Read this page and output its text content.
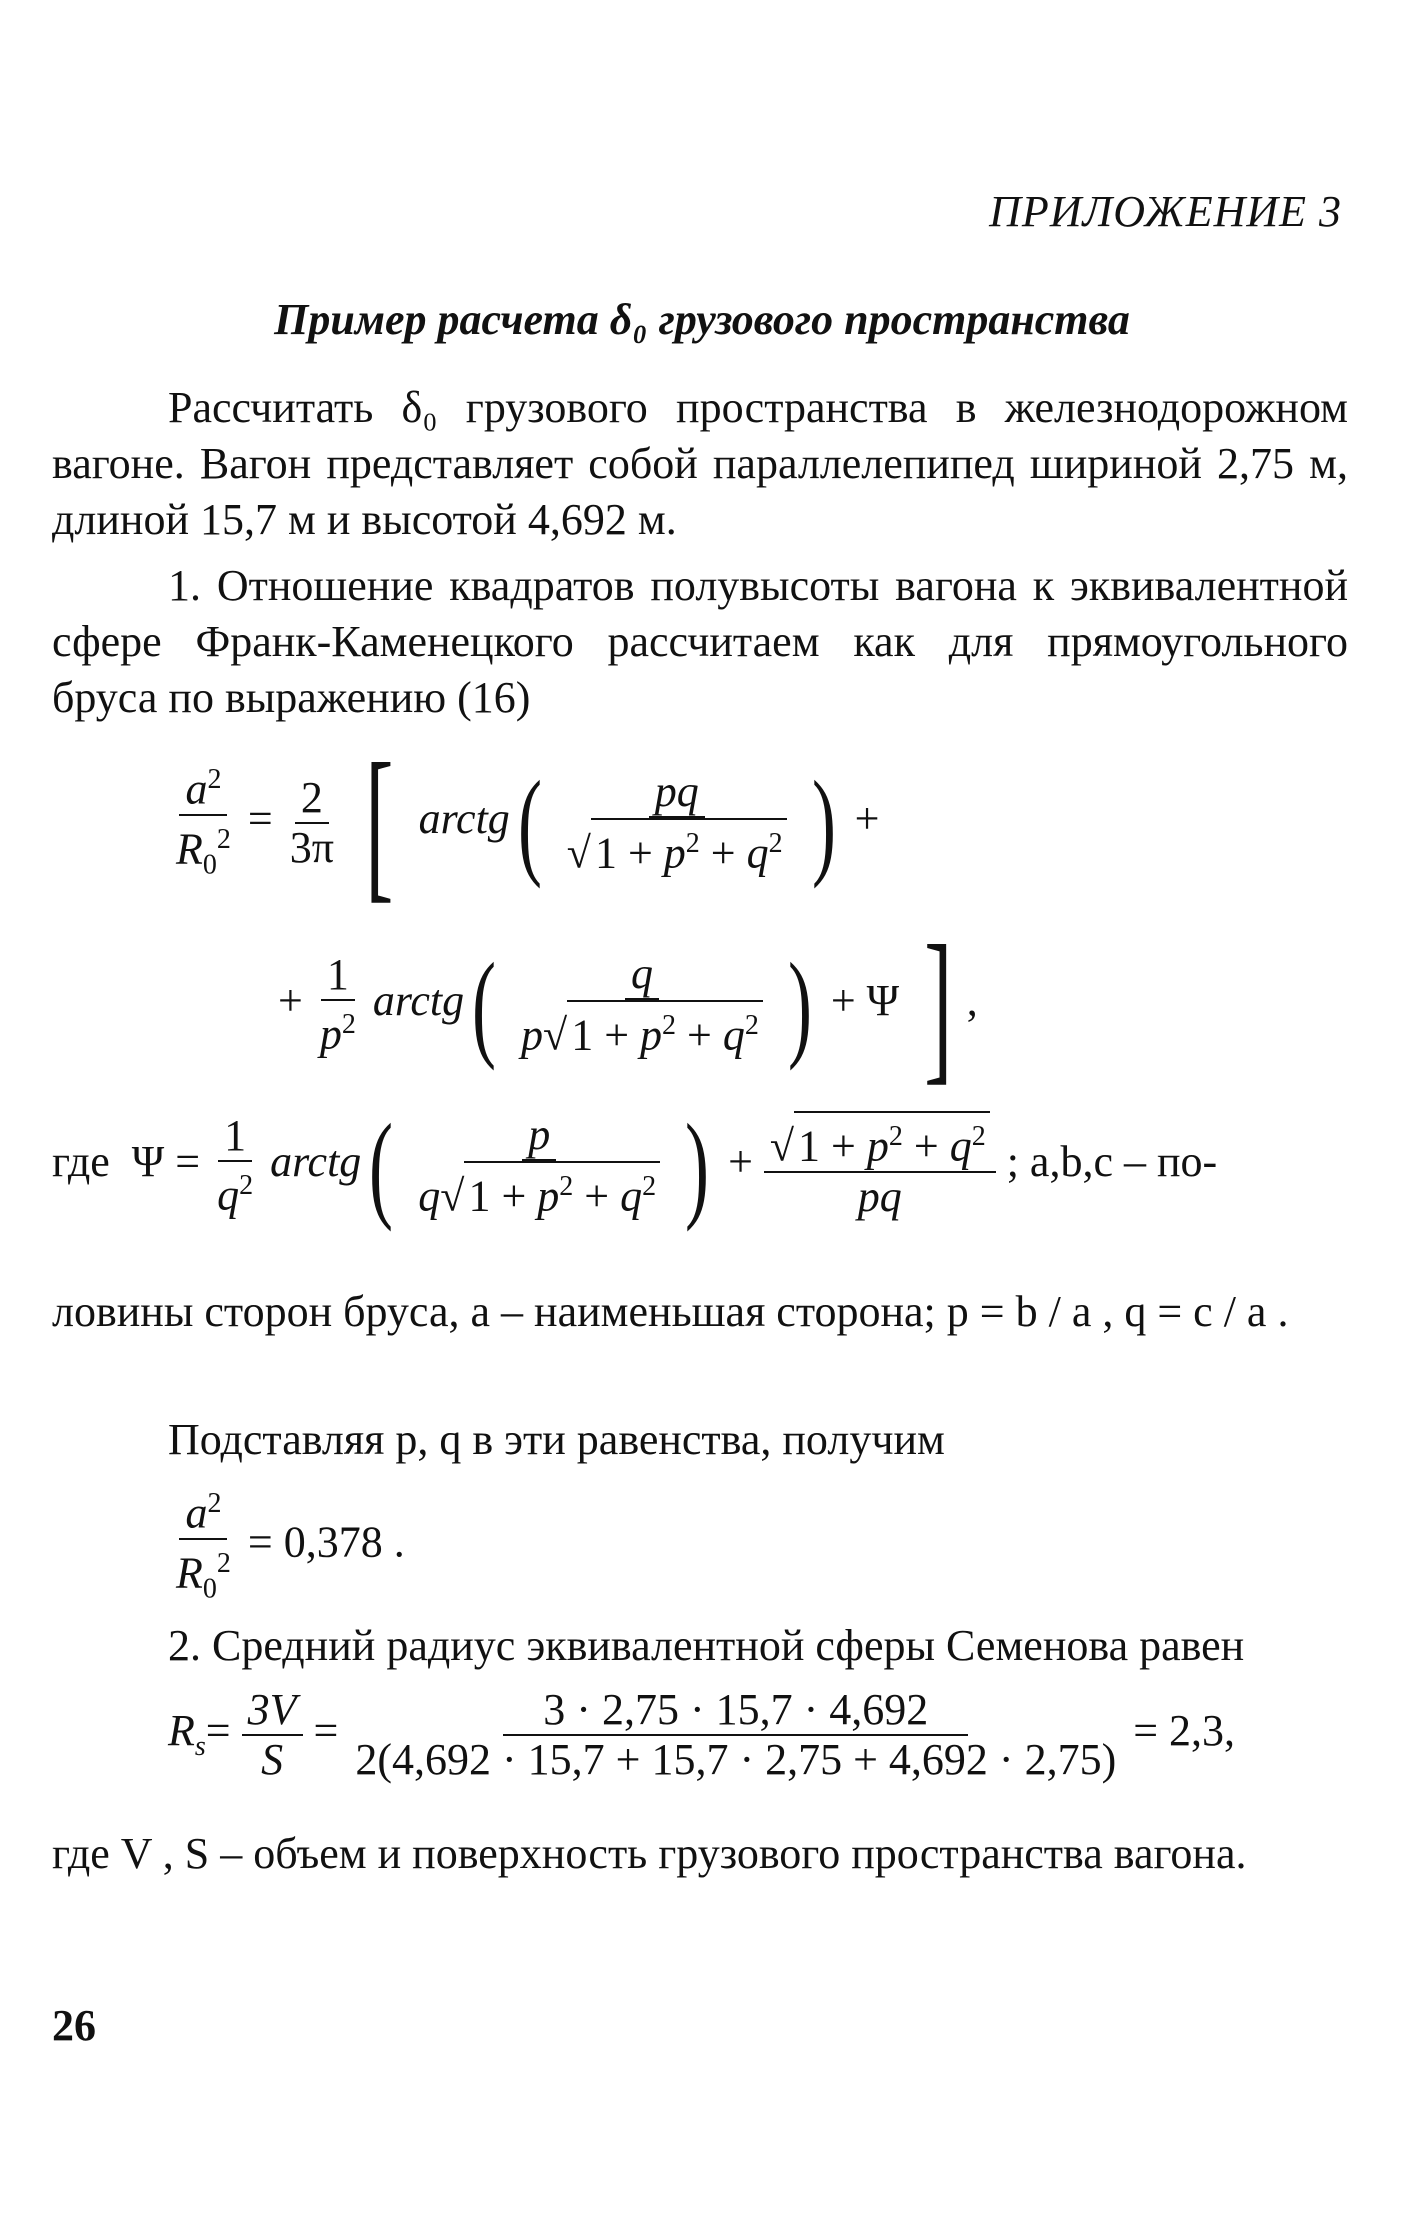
ПРИЛОЖЕНИЕ 3
Пример расчета δ₀ грузового пространства
Рассчитать δ₀ грузового пространства в железнодорожном вагоне. Вагон представляет собой параллелепипед шириной 2,75 м, длиной 15,7 м и высотой 4,692 м.
1. Отношение квадратов полувысоты вагона к эквивалентной сфере Франк-Каменецкого рассчитаем как для прямоугольного бруса по выражению (16)
$\frac{a^2}{R_0^2} = \frac{2}{3\pi}$ [ arctg( $\frac{pq}{√1 + p^2 + q^2}$ ) +
+ $\frac{1}{p^2}$ arctg( $\frac{q}{p√1 + p^2 + q^2}$ ) + Ψ ] ,
где  $\Psi = \frac{1}{q^2}$ arctg( $\frac{p}{q√1 + p^2 + q^2}$ ) + $\frac{√1 + p^2 + q^2}{pq}$ ; a,b,c – по-
ловины сторон бруса, a – наименьшая сторона; p = b / a , q = c / a .
Подставляя p, q в эти равенства, получим
$\frac{a^2}{R_0^2} = 0,378$ .
2. Средний радиус эквивалентной сферы Семенова равен
$R_s= \frac{3V}{S} = \frac{3 \cdot 2,75 \cdot 15,7 \cdot 4,692}{2(4,692 \cdot 15,7 + 15,7 \cdot 2,75 + 4,692 \cdot 2,75)} = 2,3$,
где V , S – объем и поверхность грузового пространства вагона.
26
